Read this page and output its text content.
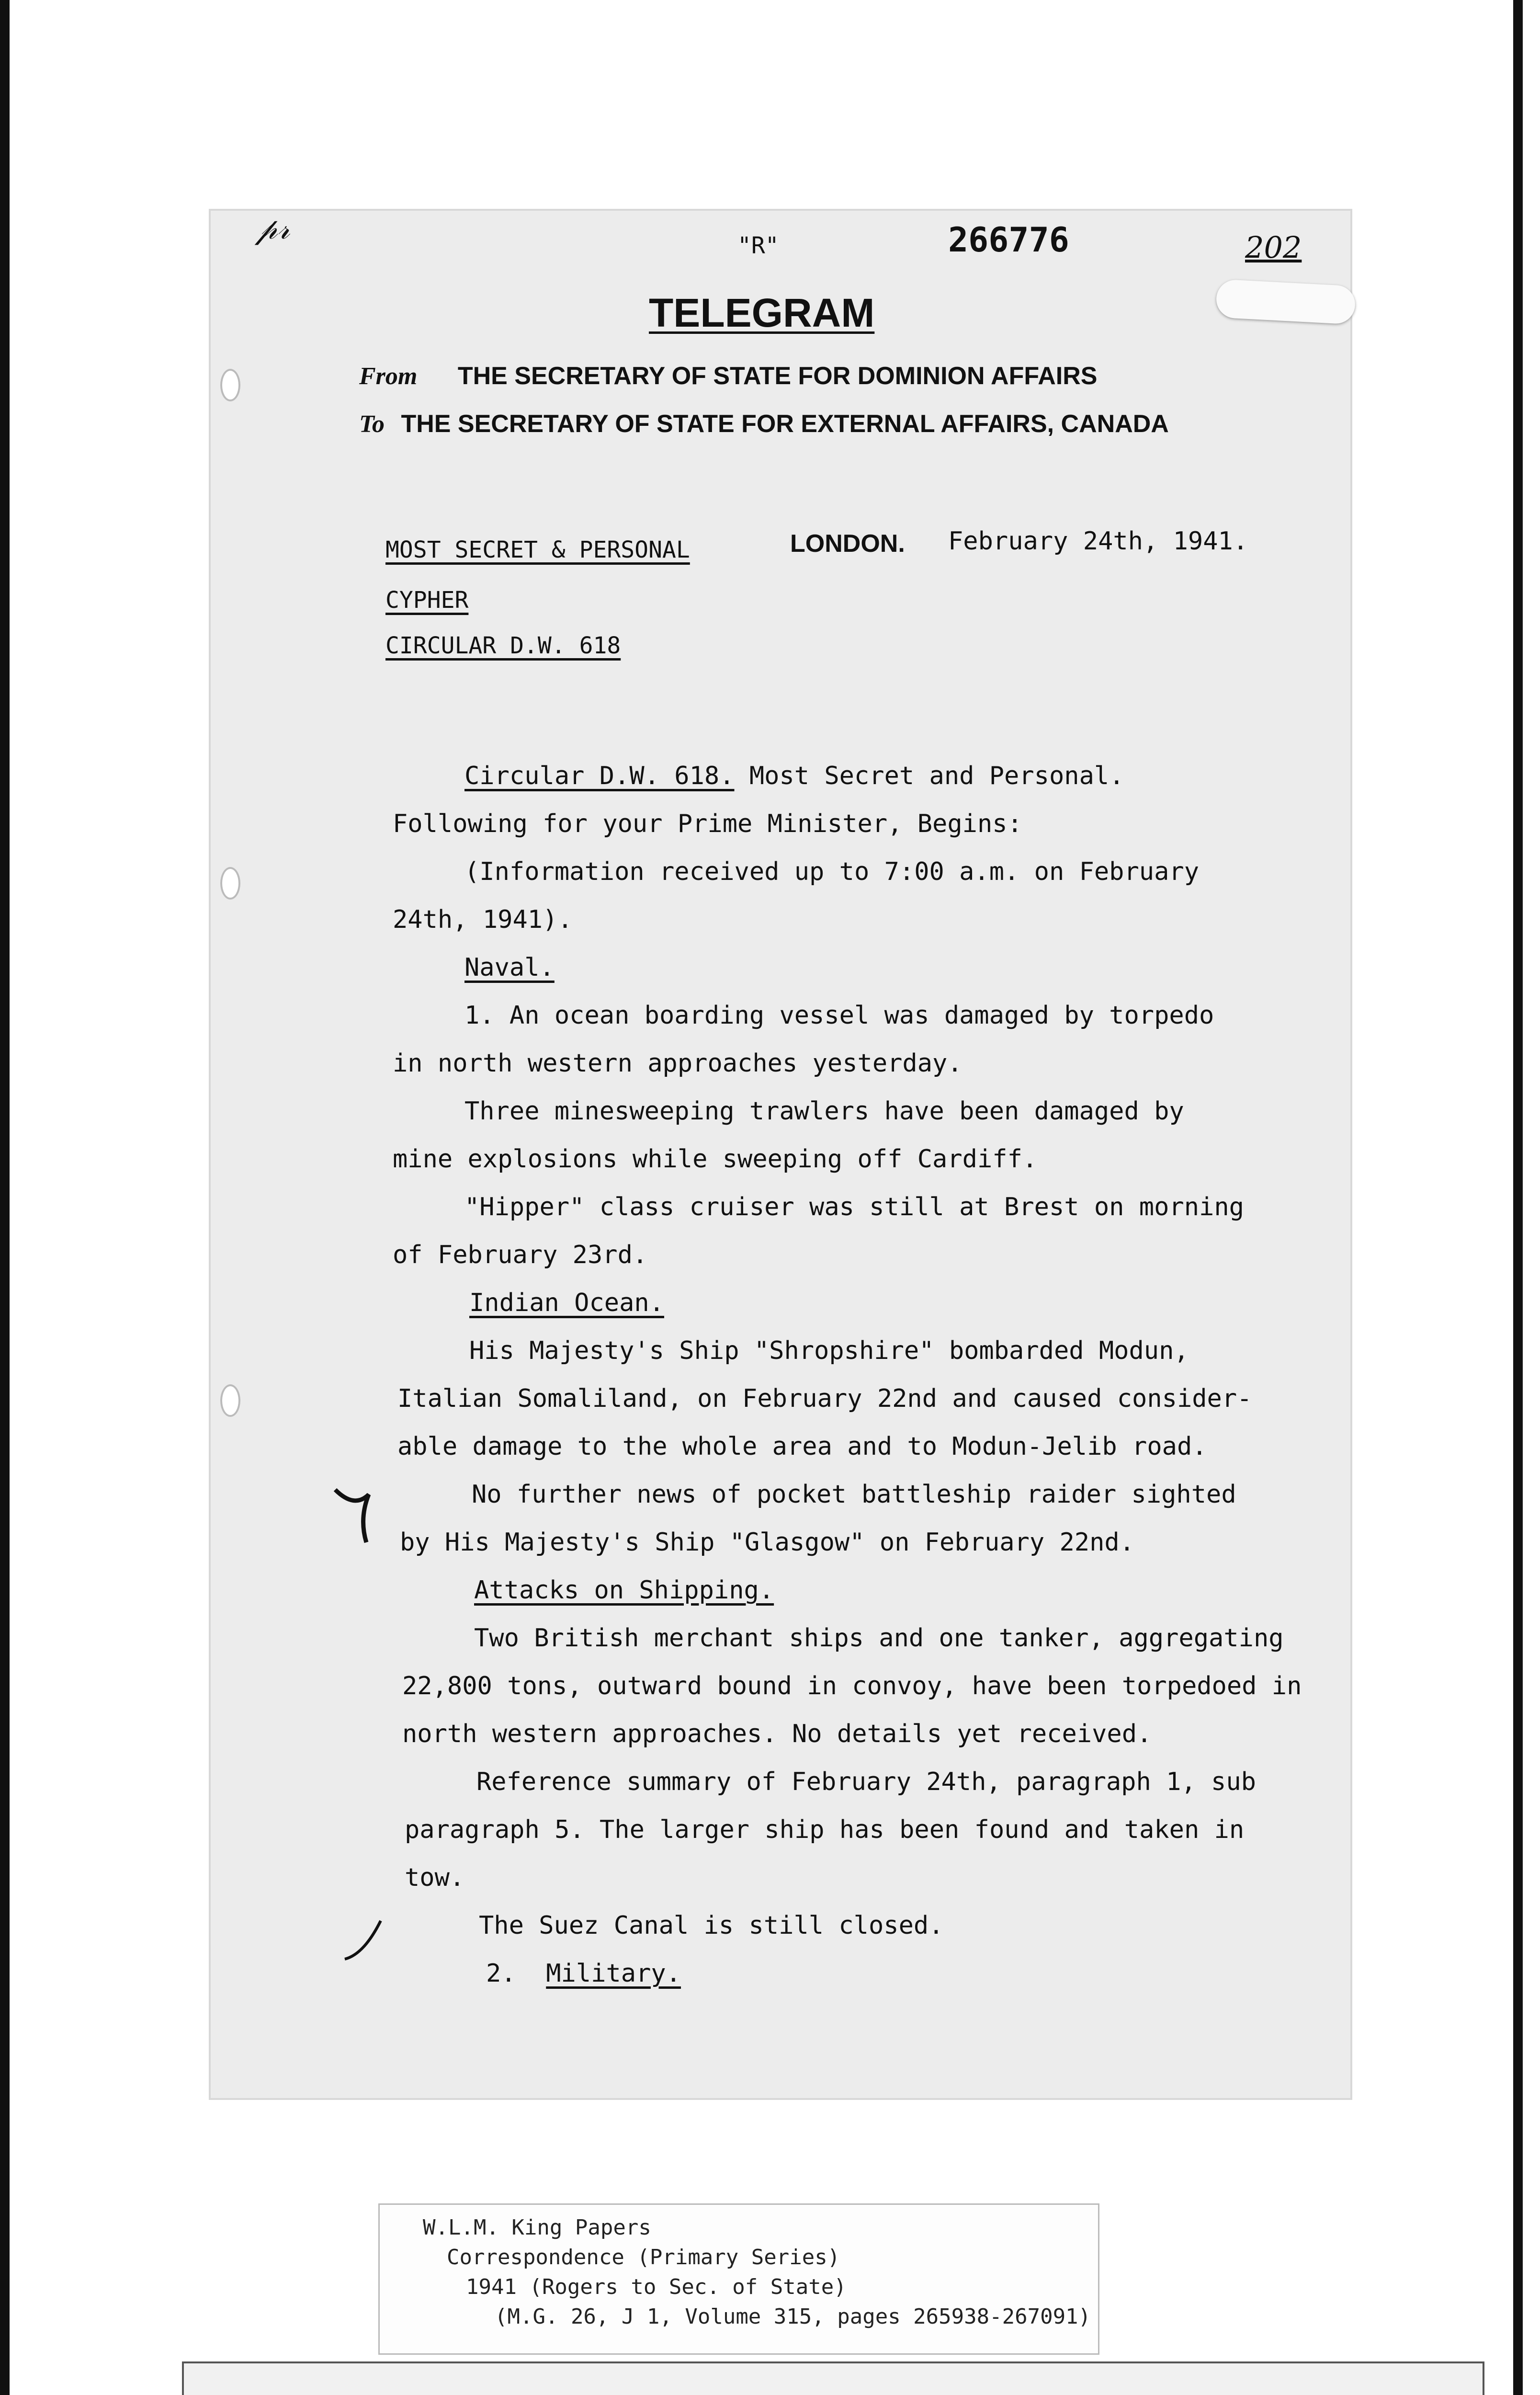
𝓅𝓇	"R"	266776	202
TELEGRAM
From THE SECRETARY OF STATE FOR DOMINION AFFAIRS
To THE SECRETARY OF STATE FOR EXTERNAL AFFAIRS, CANADA
MOST SECRET & PERSONAL	LONDON. February 24th, 1941.
CYPHER
CIRCULAR D.W. 618
Circular D.W. 618. Most Secret and Personal.
Following for your Prime Minister, Begins:
(Information received up to 7:00 a.m. on February
24th, 1941).
Naval.
1. An ocean boarding vessel was damaged by torpedo
in north western approaches yesterday.
Three minesweeping trawlers have been damaged by
mine explosions while sweeping off Cardiff.
"Hipper" class cruiser was still at Brest on morning
of February 23rd.
Indian Ocean.
His Majesty's Ship "Shropshire" bombarded Modun,
Italian Somaliland, on February 22nd and caused consider-
able damage to the whole area and to Modun-Jelib road.
No further news of pocket battleship raider sighted
by His Majesty's Ship "Glasgow" on February 22nd.
Attacks on Shipping.
Two British merchant ships and one tanker, aggregating
22,800 tons, outward bound in convoy, have been torpedoed in
north western approaches. No details yet received.
Reference summary of February 24th, paragraph 1, sub
paragraph 5. The larger ship has been found and taken in
tow.
The Suez Canal is still closed.
2. Military.
W.L.M. King Papers
Correspondence (Primary Series)
1941 (Rogers to Sec. of State)
(M.G. 26, J 1, Volume 315, pages 265938-267091)
